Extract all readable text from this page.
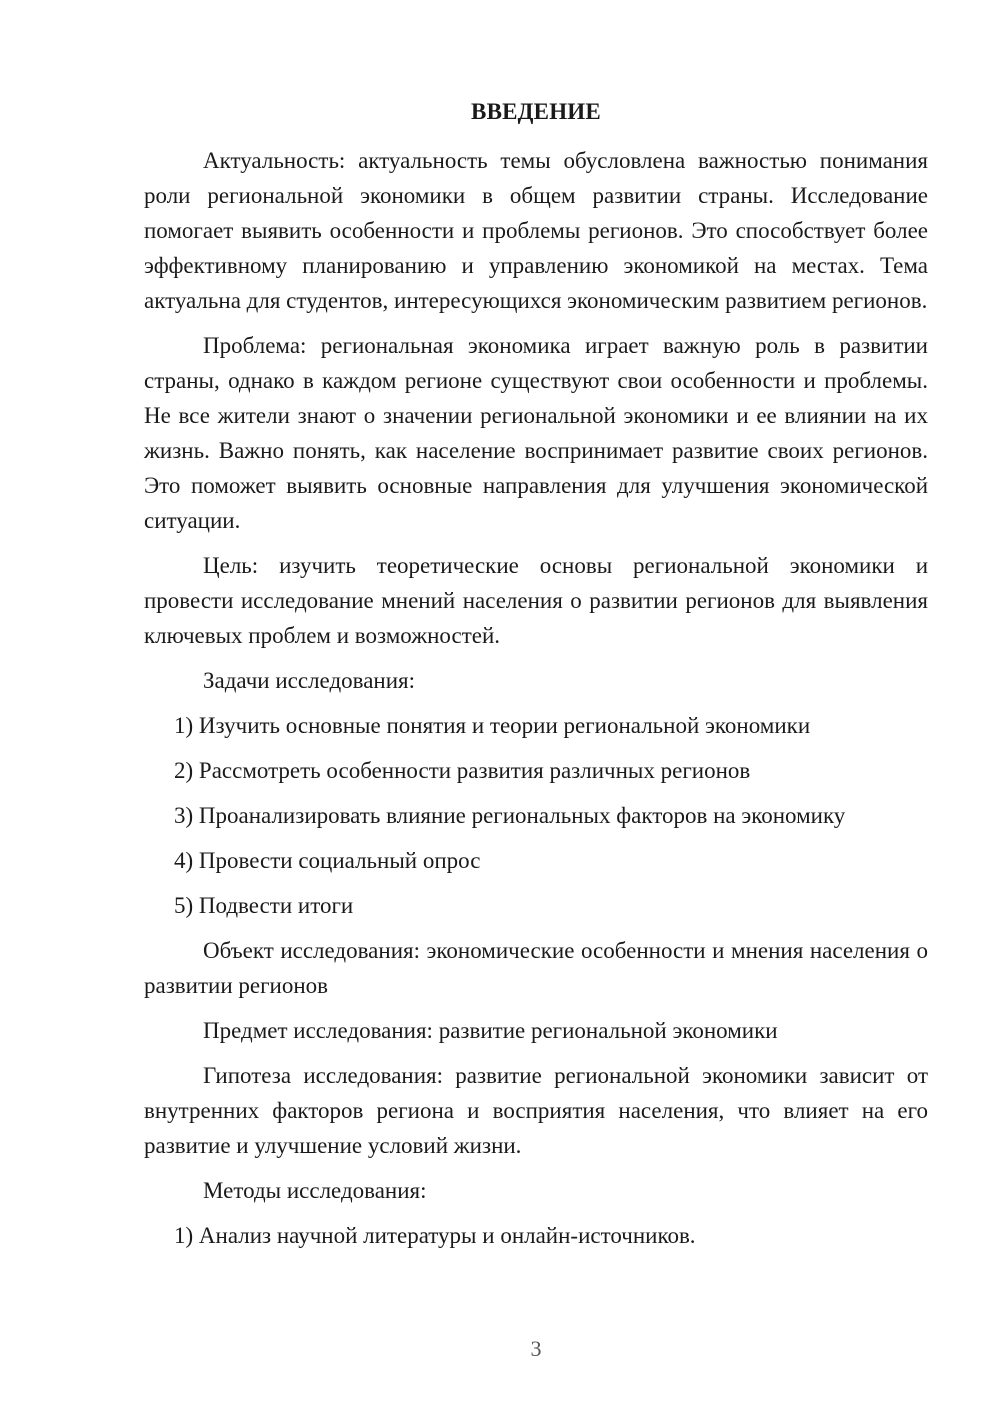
ВВЕДЕНИЕ

Актуальность: актуальность темы обусловлена важностью понимания роли региональной экономики в общем развитии страны. Исследование помогает выявить особенности и проблемы регионов. Это способствует более эффективному планированию и управлению экономикой на местах. Тема актуальна для студентов, интересующихся экономическим развитием регионов.

Проблема: региональная экономика играет важную роль в развитии страны, однако в каждом регионе существуют свои особенности и проблемы. Не все жители знают о значении региональной экономики и ее влиянии на их жизнь. Важно понять, как население воспринимает развитие своих регионов. Это поможет выявить основные направления для улучшения экономической ситуации.

Цель: изучить теоретические основы региональной экономики и провести исследование мнений населения о развитии регионов для выявления ключевых проблем и возможностей.

Задачи исследования:

1) Изучить основные понятия и теории региональной экономики

2) Рассмотреть особенности развития различных регионов

3) Проанализировать влияние региональных факторов на экономику

4) Провести социальный опрос

5) Подвести итоги

Объект исследования: экономические особенности и мнения населения о развитии регионов

Предмет исследования: развитие региональной экономики

Гипотеза исследования: развитие региональной экономики зависит от внутренних факторов региона и восприятия населения, что влияет на его развитие и улучшение условий жизни.

Методы исследования:

1) Анализ научной литературы и онлайн-источников.

3
